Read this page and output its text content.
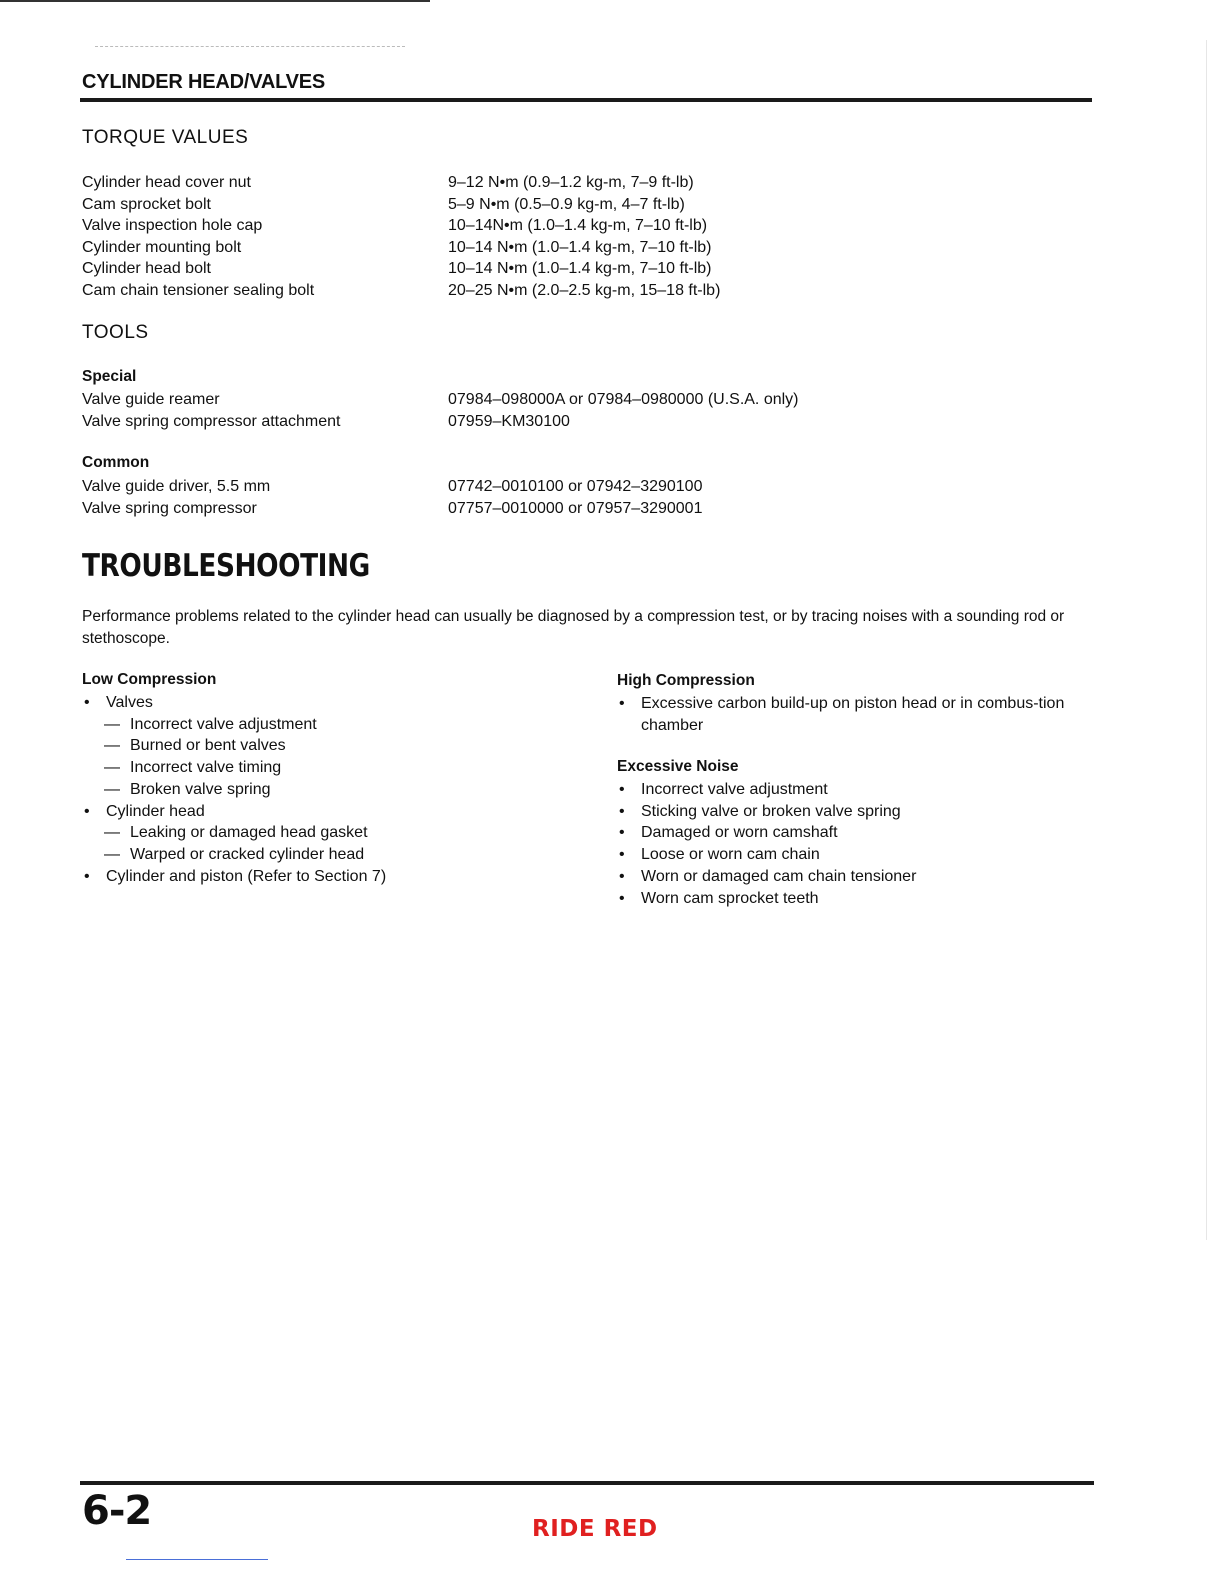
CYLINDER HEAD/VALVES
TORQUE VALUES
Cylinder head cover nut
Cam sprocket bolt
Valve inspection hole cap
Cylinder mounting bolt
Cylinder head bolt
Cam chain tensioner sealing bolt
9–12 N•m (0.9–1.2 kg-m, 7–9 ft-lb)
5–9 N•m (0.5–0.9 kg-m, 4–7 ft-lb)
10–14N•m (1.0–1.4 kg-m, 7–10 ft-lb)
10–14 N•m (1.0–1.4 kg-m, 7–10 ft-lb)
10–14 N•m (1.0–1.4 kg-m, 7–10 ft-lb)
20–25 N•m (2.0–2.5 kg-m, 15–18 ft-lb)
TOOLS
Special
Valve guide reamer
Valve spring compressor attachment
07984–098000A or 07984–0980000 (U.S.A. only)
07959–KM30100
Common
Valve guide driver, 5.5 mm
Valve spring compressor
07742–0010100 or 07942–3290100
07757–0010000 or 07957–3290001
TROUBLESHOOTING
Performance problems related to the cylinder head can usually be diagnosed by a compression test, or by tracing noises with a sounding rod or stethoscope.
Low Compression
• Valves
— Incorrect valve adjustment
— Burned or bent valves
— Incorrect valve timing
— Broken valve spring
• Cylinder head
— Leaking or damaged head gasket
— Warped or cracked cylinder head
• Cylinder and piston (Refer to Section 7)
High Compression
• Excessive carbon build-up on piston head or in combus-tion chamber
Excessive Noise
• Incorrect valve adjustment
• Sticking valve or broken valve spring
• Damaged or worn camshaft
• Loose or worn cam chain
• Worn or damaged cam chain tensioner
• Worn cam sprocket teeth
6-2	RIDE RED
